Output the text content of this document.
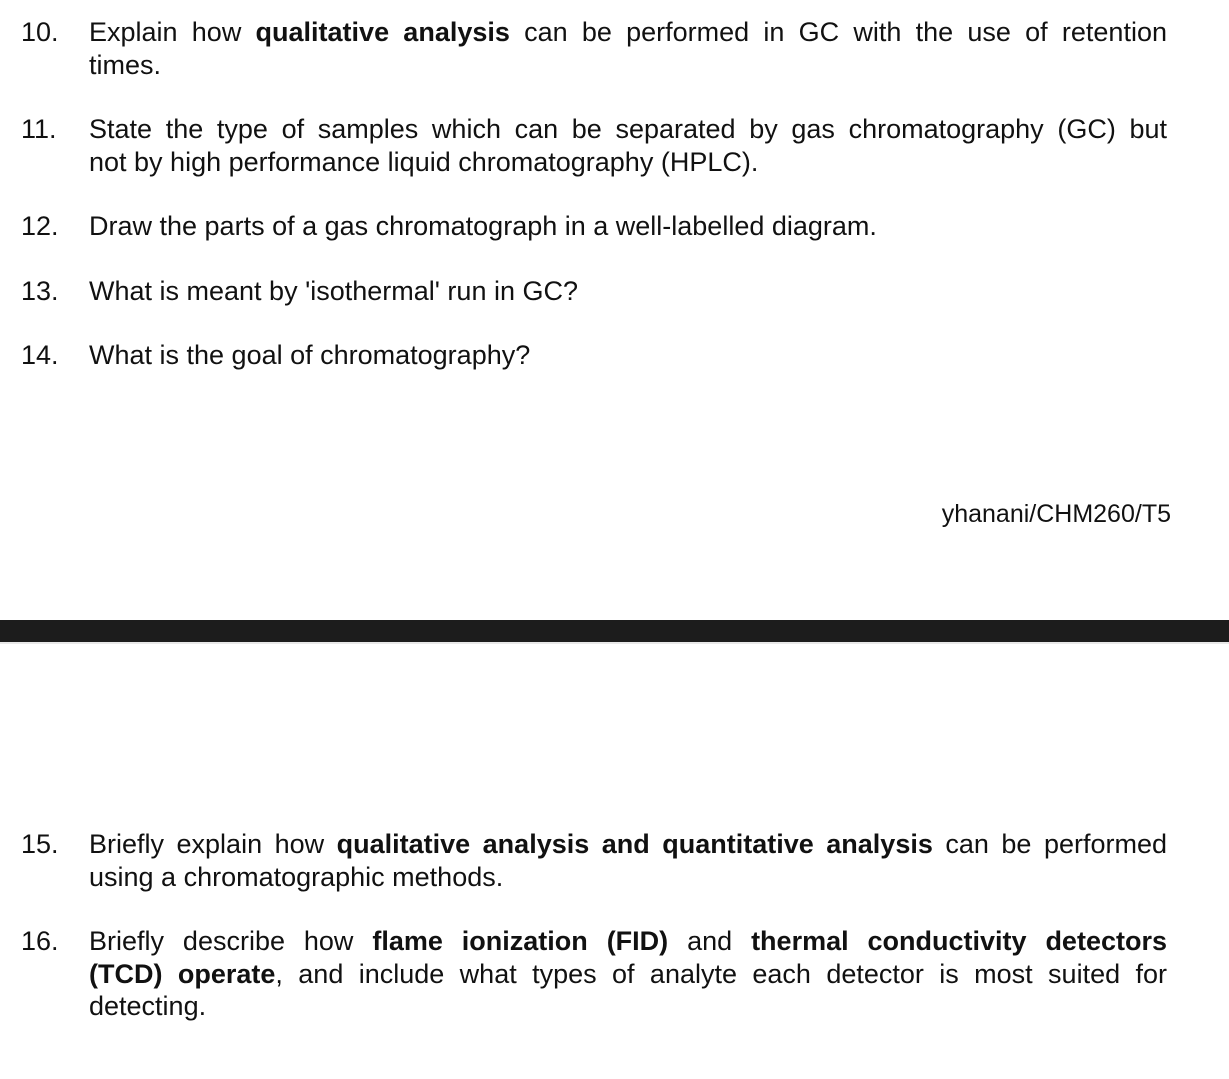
10.	Explain how qualitative analysis can be performed in GC with the use of retention
times.
11.	State the type of samples which can be separated by gas chromatography (GC) but
not by high performance liquid chromatography (HPLC).
12.	Draw the parts of a gas chromatograph in a well-labelled diagram.
13.	What is meant by 'isothermal' run in GC?
14.	What is the goal of chromatography?
yhanani/CHM260/T5
15.	Briefly explain how qualitative analysis and quantitative analysis can be performed
using a chromatographic methods.
16.	Briefly describe how flame ionization (FID) and thermal conductivity detectors
(TCD) operate, and include what types of analyte each detector is most suited for
detecting.
